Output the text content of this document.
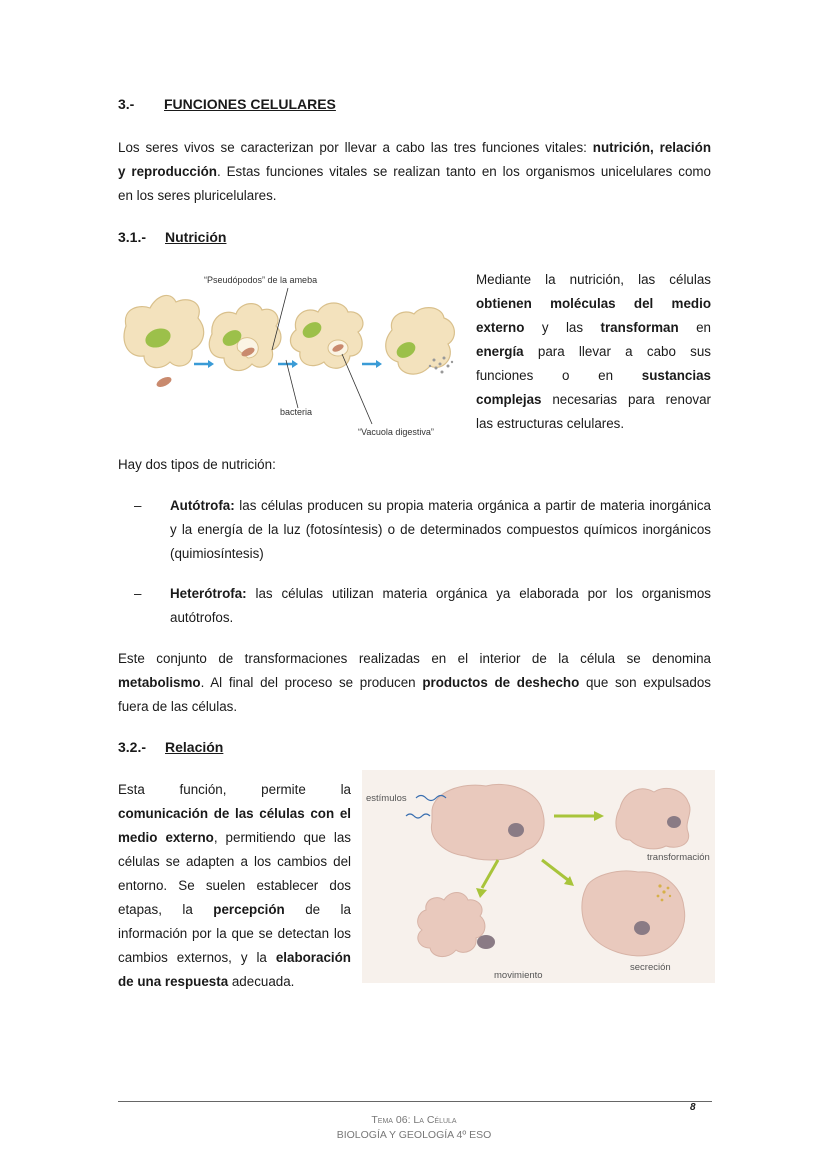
3.- FUNCIONES CELULARES
Los seres vivos se caracterizan por llevar a cabo las tres funciones vitales: nutrición, relación
y reproducción. Estas funciones vitales se realizan tanto en los organismos unicelulares como
en los seres pluricelulares.
3.1.- Nutrición
“Pseudópodos” de la ameba
bacteria
“Vacuola digestiva”
Mediante la nutrición, las células
obtienen moléculas del medio
externo y las transforman en
energía para llevar a cabo sus
funciones o en sustancias
complejas necesarias para renovar
las estructuras celulares.
Hay dos tipos de nutrición:
– Autótrofa: las células producen su propia materia orgánica a partir de materia inorgánica
y la energía de la luz (fotosíntesis) o de determinados compuestos químicos inorgánicos
(quimiosíntesis)
– Heterótrofa: las células utilizan materia orgánica ya elaborada por los organismos
autótrofos.
Este conjunto de transformaciones realizadas en el interior de la célula se denomina
metabolismo. Al final del proceso se producen productos de deshecho que son expulsados
fuera de las células.
3.2.- Relación
Esta función, permite la
comunicación de las células con el
medio externo, permitiendo que las
células se adapten a los cambios del
entorno. Se suelen establecer dos
etapas, la percepción de la
información por la que se detectan los
cambios externos, y la elaboración
de una respuesta adecuada.
estímulos
transformación
movimiento
secreción
8
Tema 06: La Célula
BIOLOGÍA Y GEOLOGÍA 4º ESO
